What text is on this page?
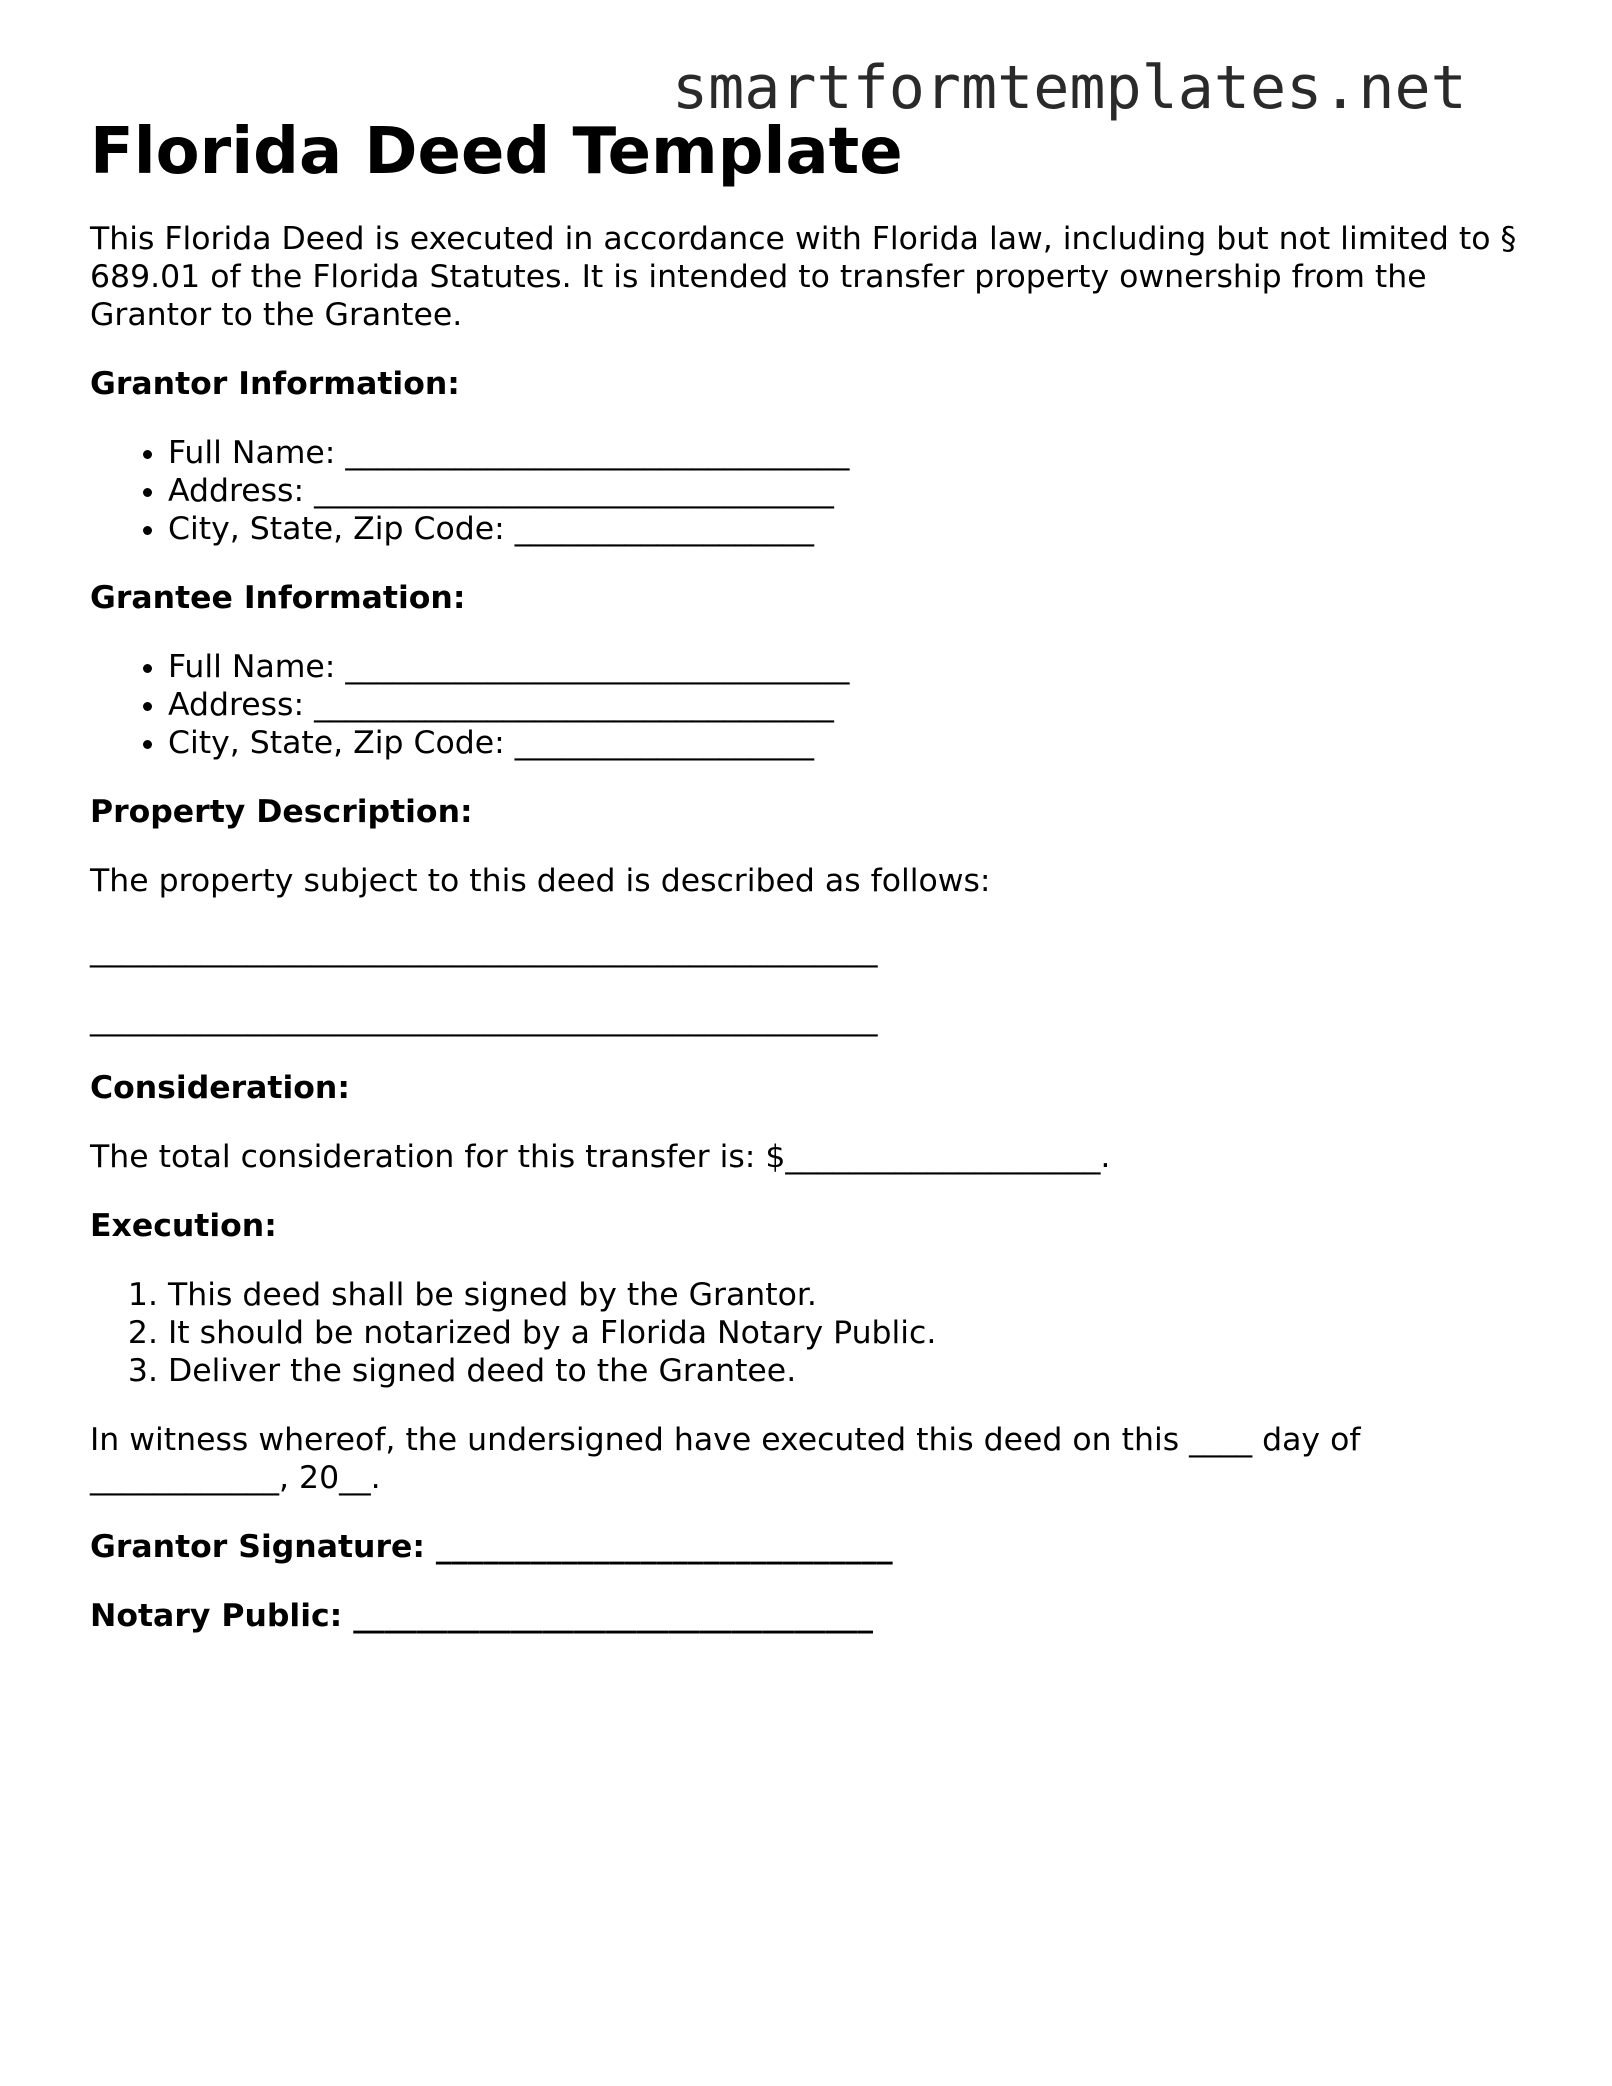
smartformtemplates.net
Florida Deed Template

This Florida Deed is executed in accordance with Florida law, including but not limited to § 689.01 of the Florida Statutes. It is intended to transfer property ownership from the Grantor to the Grantee.

Grantor Information:
• Full Name: ________________________________
• Address: _________________________________
• City, State, Zip Code: ___________________
Grantee Information:
• Full Name: ________________________________
• Address: _________________________________
• City, State, Zip Code: ___________________
Property Description:

The property subject to this deed is described as follows:

__________________________________________________
__________________________________________________
Consideration:

The total consideration for this transfer is: $____________________.

Execution:
1. This deed shall be signed by the Grantor.
2. It should be notarized by a Florida Notary Public.
3. Deliver the signed deed to the Grantee.

In witness whereof, the undersigned have executed this deed on this ____ day of ____________, 20__.

Grantor Signature: _____________________________
Notary Public: _________________________________
